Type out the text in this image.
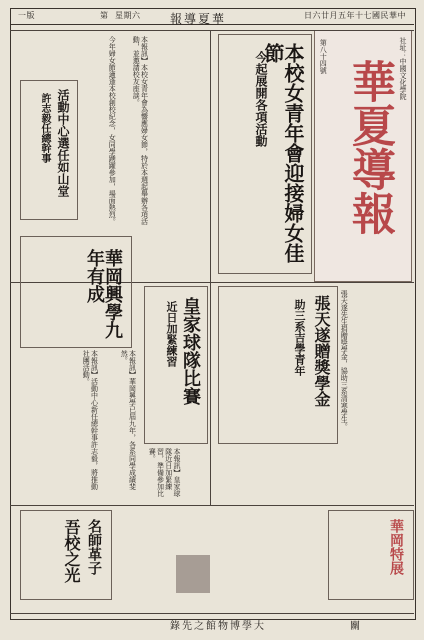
一版	第 星期六 報導夏華	日六廿月五年十七國民華中
社址：中國文化學院
華夏導報
第八十四號
本校女青年會迎接婦女佳節
今起展開各項活動
張天遂贈獎學金
助三系吉學青年
皇家球隊比賽
近日加緊練習
華岡興學九年有成
活動中心選任如山堂
許志毅任總幹事
名師革子
吾校之光	華岡特展
本報訊】本校女青年會為響應婦女節，特於本週起舉辦各項活動，並邀請校友座談。
今年婦女節適逢本校創校紀念，女同學踴躍參加，場面熱烈。
本報訊】華岡興學已屆九年，各系同學成績斐然。
本報訊】活動中心新任總幹事許志毅，將推動社團活動。
本報訊】皇家球隊近日加緊練習，準備參加比賽。
張天遂先生捐贈獎學金，協助三系清寒學生。
錄先之館物博學大	關
